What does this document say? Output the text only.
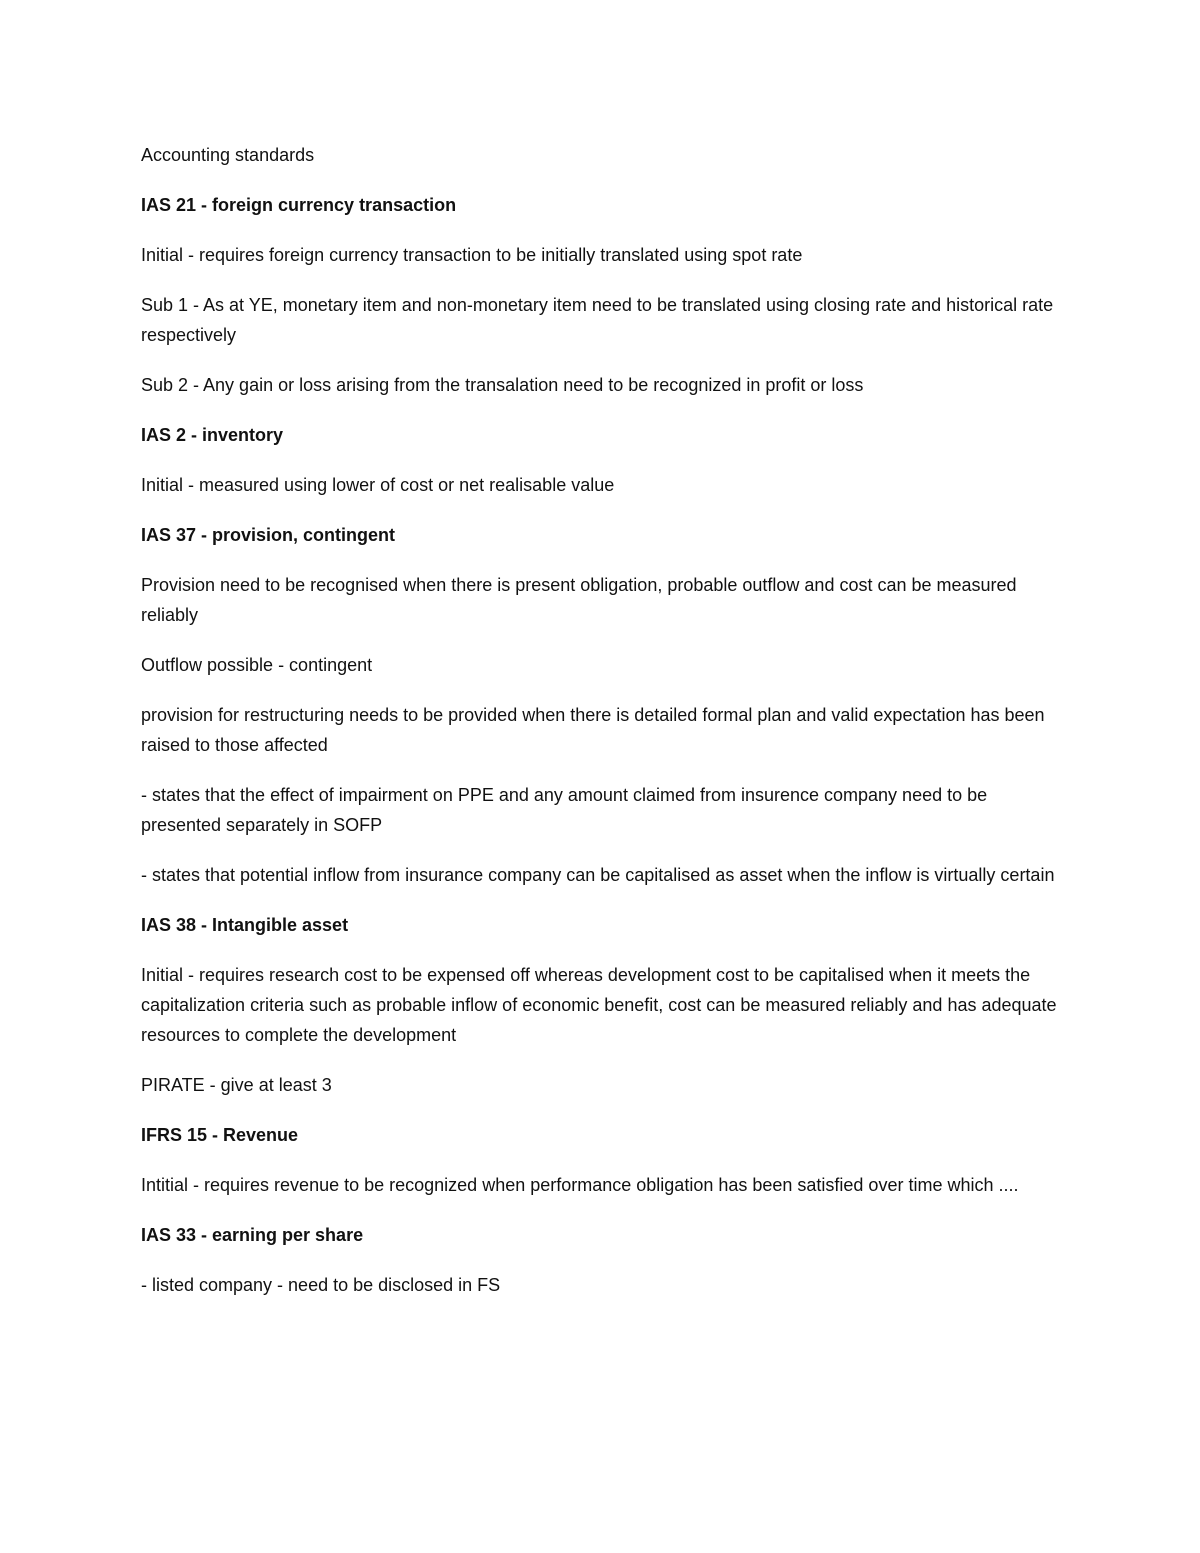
Accounting standards

IAS 21 - foreign currency transaction

Initial - requires foreign currency transaction to be initially translated using spot rate

Sub 1 - As at YE, monetary item and non-monetary item need to be translated using closing rate and historical rate respectively

Sub 2 - Any gain or loss arising from the transalation need to be recognized in profit or loss

IAS 2 - inventory

Initial - measured using lower of cost or net realisable value

IAS 37 - provision, contingent

Provision need to be recognised when there is present obligation, probable outflow and cost can be measured reliably

Outflow possible - contingent

provision for restructuring needs to be provided when there is detailed formal plan and valid expectation has been raised to those affected

- states that the effect of impairment on PPE and any amount claimed from insurence company need to be presented separately in SOFP

- states that potential inflow from insurance company can be capitalised as asset when the inflow is virtually certain

IAS 38 - Intangible asset

Initial - requires research cost to be expensed off whereas development cost to be capitalised when it meets the capitalization criteria such as probable inflow of economic benefit, cost can be measured reliably and has adequate resources to complete the development

PIRATE - give at least 3

IFRS 15 - Revenue

Intitial - requires revenue to be recognized when performance obligation has been satisfied over time which ....

IAS 33 - earning per share

- listed company - need to be disclosed in FS
